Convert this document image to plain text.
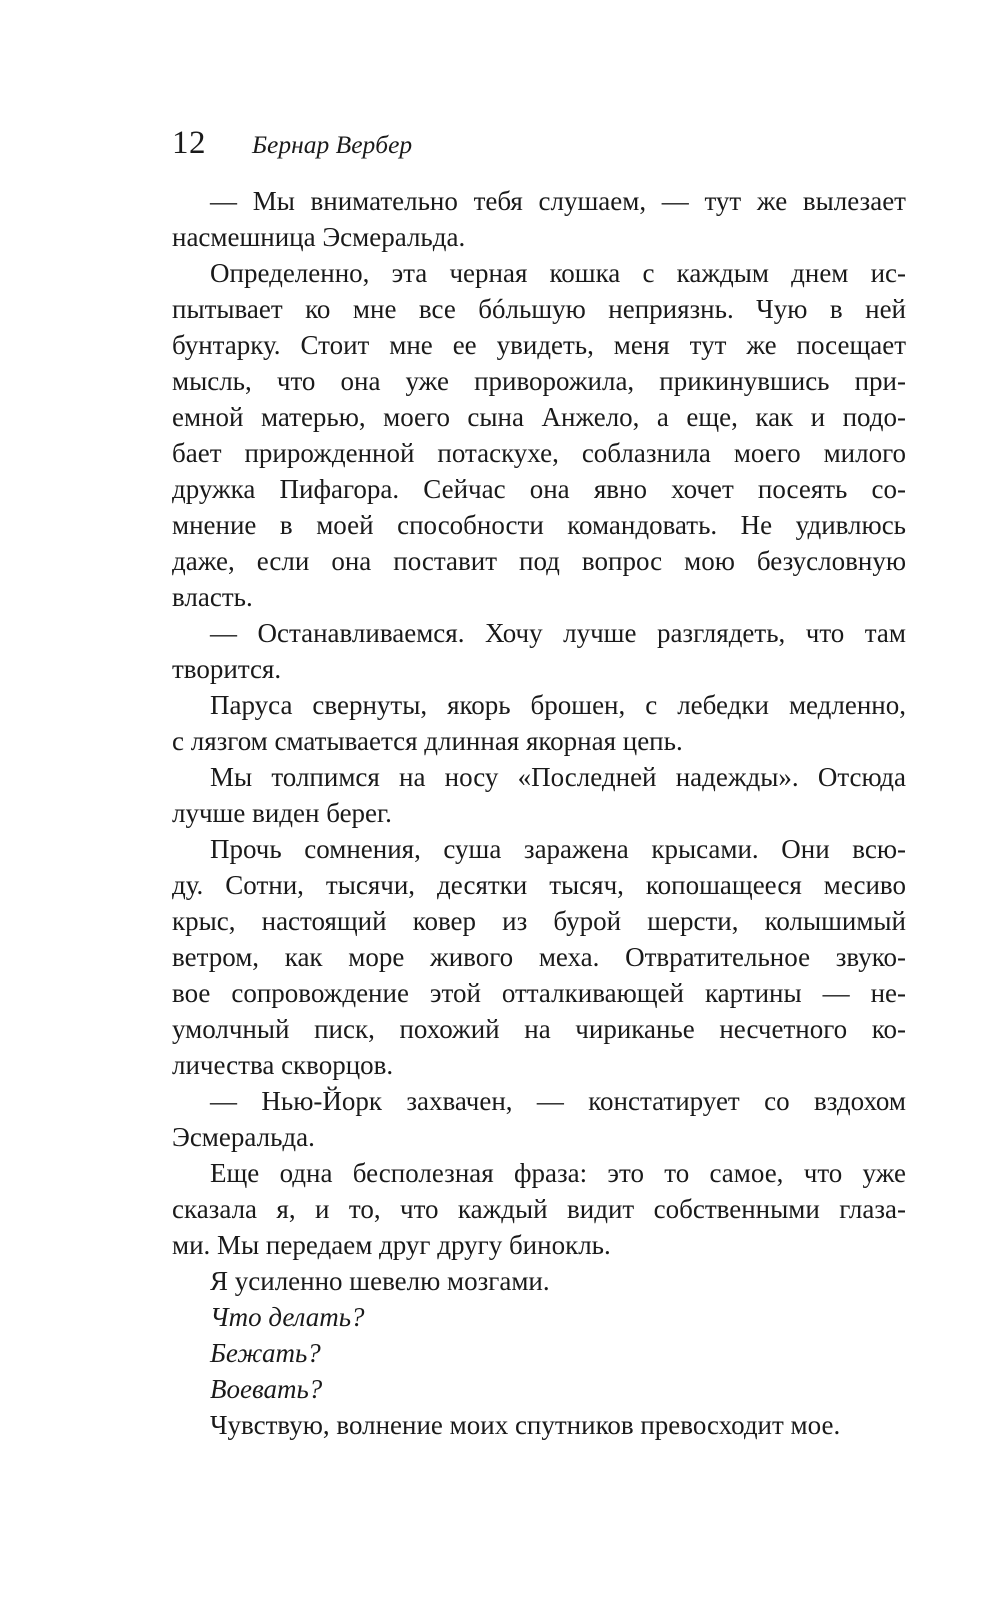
12 Бернар Вербер
— Мы внимательно тебя слушаем, — тут же вылезает
насмешница Эсмеральда.
Определенно, эта черная кошка с каждым днем ис-
пытывает ко мне все бóльшую неприязнь. Чую в ней
бунтарку. Стоит мне ее увидеть, меня тут же посещает
мысль, что она уже приворожила, прикинувшись при-
емной матерью, моего сына Анжело, а еще, как и подо-
бает прирожденной потаскухе, соблазнила моего милого
дружка Пифагора. Сейчас она явно хочет посеять со-
мнение в моей способности командовать. Не удивлюсь
даже, если она поставит под вопрос мою безусловную
власть.
— Останавливаемся. Хочу лучше разглядеть, что там
творится.
Паруса свернуты, якорь брошен, с лебедки медленно,
с лязгом сматывается длинная якорная цепь.
Мы толпимся на носу «Последней надежды». Отсюда
лучше виден берег.
Прочь сомнения, суша заражена крысами. Они всю-
ду. Сотни, тысячи, десятки тысяч, копошащееся месиво
крыс, настоящий ковер из бурой шерсти, колышимый
ветром, как море живого меха. Отвратительное звуко-
вое сопровождение этой отталкивающей картины — не-
умолчный писк, похожий на чириканье несчетного ко-
личества скворцов.
— Нью-Йорк захвачен, — констатирует со вздохом
Эсмеральда.
Еще одна бесполезная фраза: это то самое, что уже
сказала я, и то, что каждый видит собственными глаза-
ми. Мы передаем друг другу бинокль.
Я усиленно шевелю мозгами.
Что делать?
Бежать?
Воевать?
Чувствую, волнение моих спутников превосходит мое.
